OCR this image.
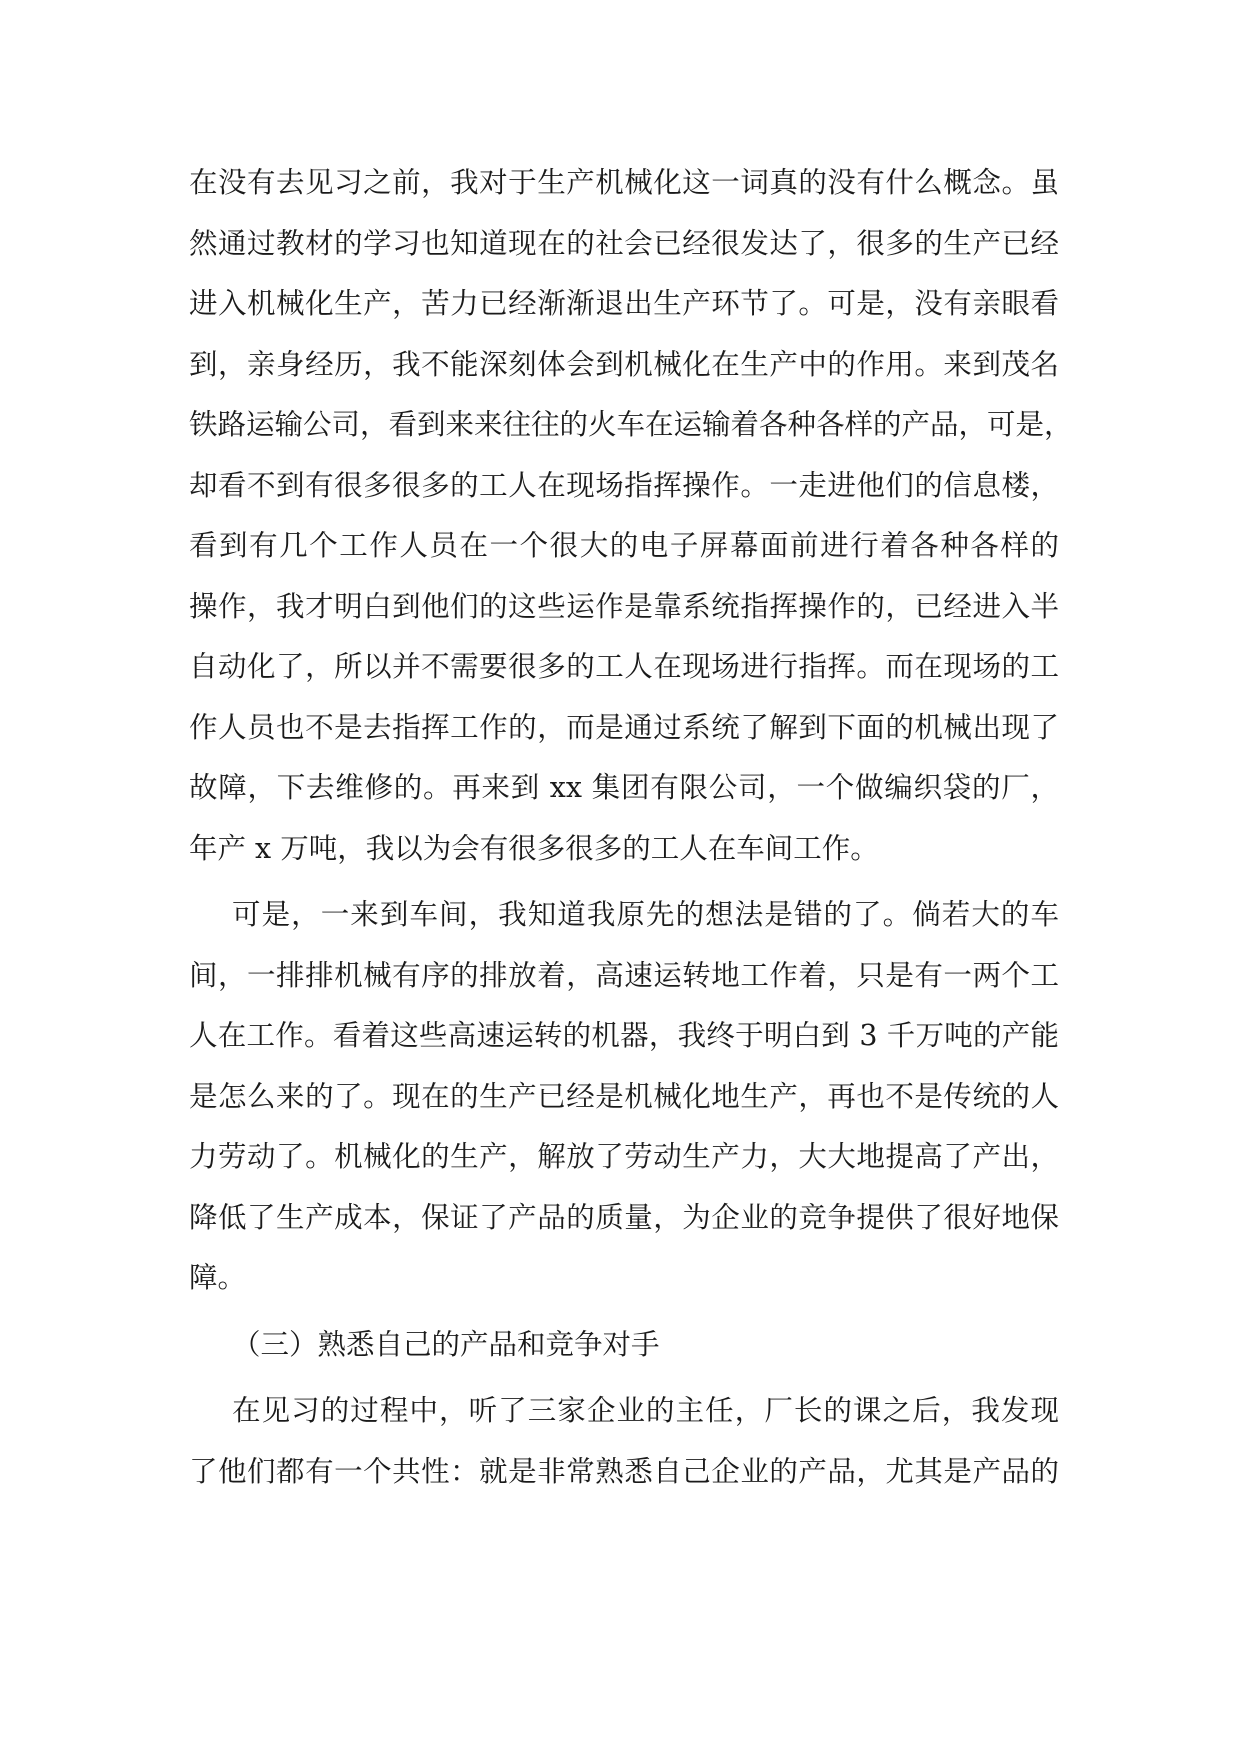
在没有去见习之前，我对于生产机械化这一词真的没有什么概念。虽
然通过教材的学习也知道现在的社会已经很发达了，很多的生产已经
进入机械化生产，苦力已经渐渐退出生产环节了。可是，没有亲眼看
到，亲身经历，我不能深刻体会到机械化在生产中的作用。来到茂名
铁路运输公司，看到来来往往的火车在运输着各种各样的产品，可是，
却看不到有很多很多的工人在现场指挥操作。一走进他们的信息楼，
看到有几个工作人员在一个很大的电子屏幕面前进行着各种各样的
操作，我才明白到他们的这些运作是靠系统指挥操作的，已经进入半
自动化了，所以并不需要很多的工人在现场进行指挥。而在现场的工
作人员也不是去指挥工作的，而是通过系统了解到下面的机械出现了
故障，下去维修的。再来到 xx 集团有限公司，一个做编织袋的厂，
年产 x 万吨，我以为会有很多很多的工人在车间工作。
可是，一来到车间，我知道我原先的想法是错的了。倘若大的车
间，一排排机械有序的排放着，高速运转地工作着，只是有一两个工
人在工作。看着这些高速运转的机器，我终于明白到 3 千万吨的产能
是怎么来的了。现在的生产已经是机械化地生产，再也不是传统的人
力劳动了。机械化的生产，解放了劳动生产力，大大地提高了产出，
降低了生产成本，保证了产品的质量，为企业的竞争提供了很好地保
障。
（三）熟悉自己的产品和竞争对手
在见习的过程中，听了三家企业的主任，厂长的课之后，我发现
了他们都有一个共性：就是非常熟悉自己企业的产品，尤其是产品的
